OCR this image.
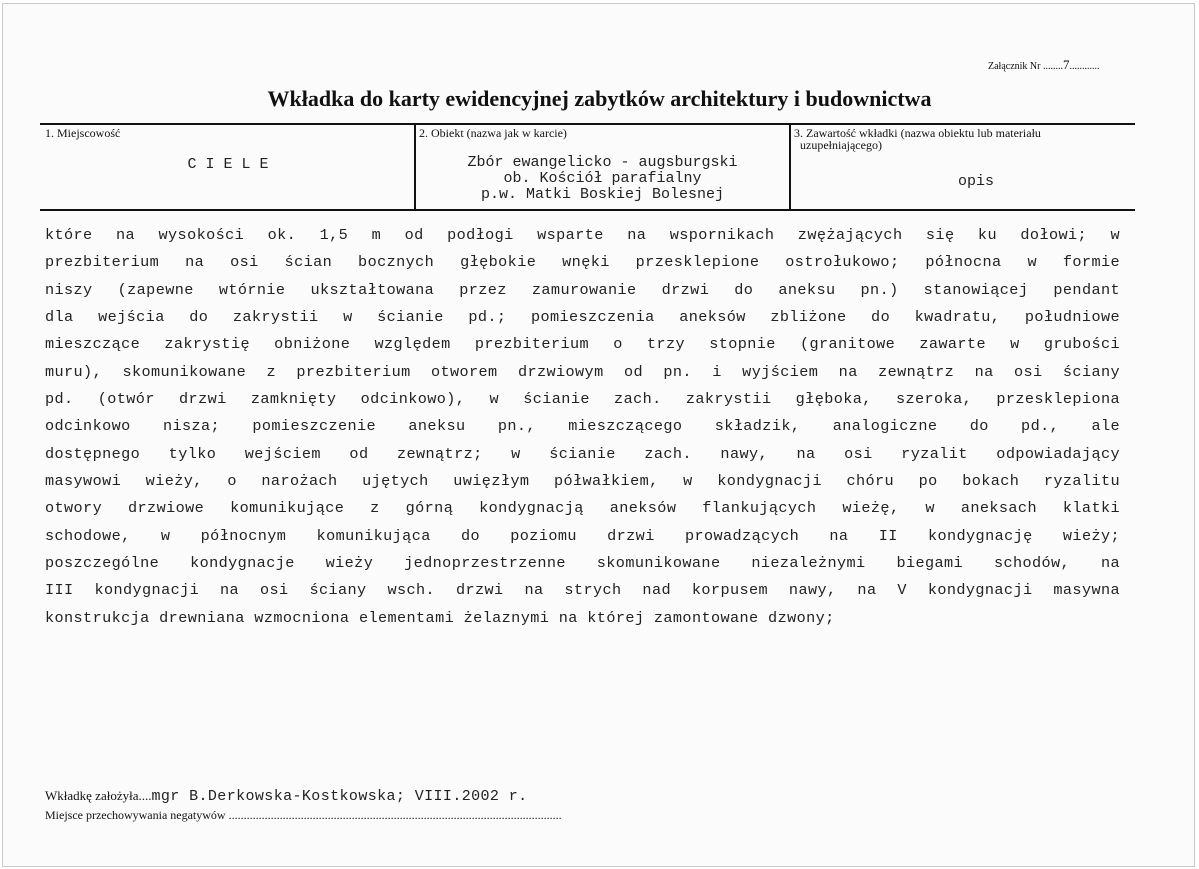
Załącznik Nr ........7............
Wkładka do karty ewidencyjnej zabytków architektury i budownictwa
1. Miejscowość
C I E L E
2. Obiekt (nazwa jak w karcie)
Zbór ewangelicko - augsburgski
ob. Kościół parafialny
p.w. Matki Boskiej Bolesnej
3. Zawartość wkładki (nazwa obiektu lub materiału
uzupełniającego)
opis
które na wysokości ok. 1,5 m od podłogi wsparte na wspornikach zwężających się ku dołowi; w
prezbiterium na osi ścian bocznych głębokie wnęki przesklepione ostrołukowo; północna w formie
niszy (zapewne wtórnie ukształtowana przez zamurowanie drzwi do aneksu pn.) stanowiącej pendant
dla wejścia do zakrystii w ścianie pd.; pomieszczenia aneksów zbliżone do kwadratu, południowe
mieszczące zakrystię obniżone względem prezbiterium o trzy stopnie (granitowe zawarte w grubości
muru), skomunikowane z prezbiterium otworem drzwiowym od pn. i wyjściem na zewnątrz na osi ściany
pd. (otwór drzwi zamknięty odcinkowo), w ścianie zach. zakrystii głęboka, szeroka, przesklepiona
odcinkowo nisza; pomieszczenie aneksu pn., mieszczącego składzik, analogiczne do pd., ale
dostępnego tylko wejściem od zewnątrz; w ścianie zach. nawy, na osi ryzalit odpowiadający
masywowi wieży, o narożach ujętych uwięzłym półwałkiem, w kondygnacji chóru po bokach ryzalitu
otwory drzwiowe komunikujące z górną kondygnacją aneksów flankujących wieżę, w aneksach klatki
schodowe, w północnym komunikująca do poziomu drzwi prowadzących na II kondygnację wieży;
poszczególne kondygnacje wieży jednoprzestrzenne skomunikowane niezależnymi biegami schodów, na
III kondygnacji na osi ściany wsch. drzwi na strych nad korpusem nawy, na V kondygnacji masywna
konstrukcja drewniana wzmocniona elementami żelaznymi na której zamontowane dzwony;
Wkładkę założyła....mgr B.Derkowska-Kostkowska; VIII.2002 r.
Miejsce przechowywania negatywów ...............................................................................................................
